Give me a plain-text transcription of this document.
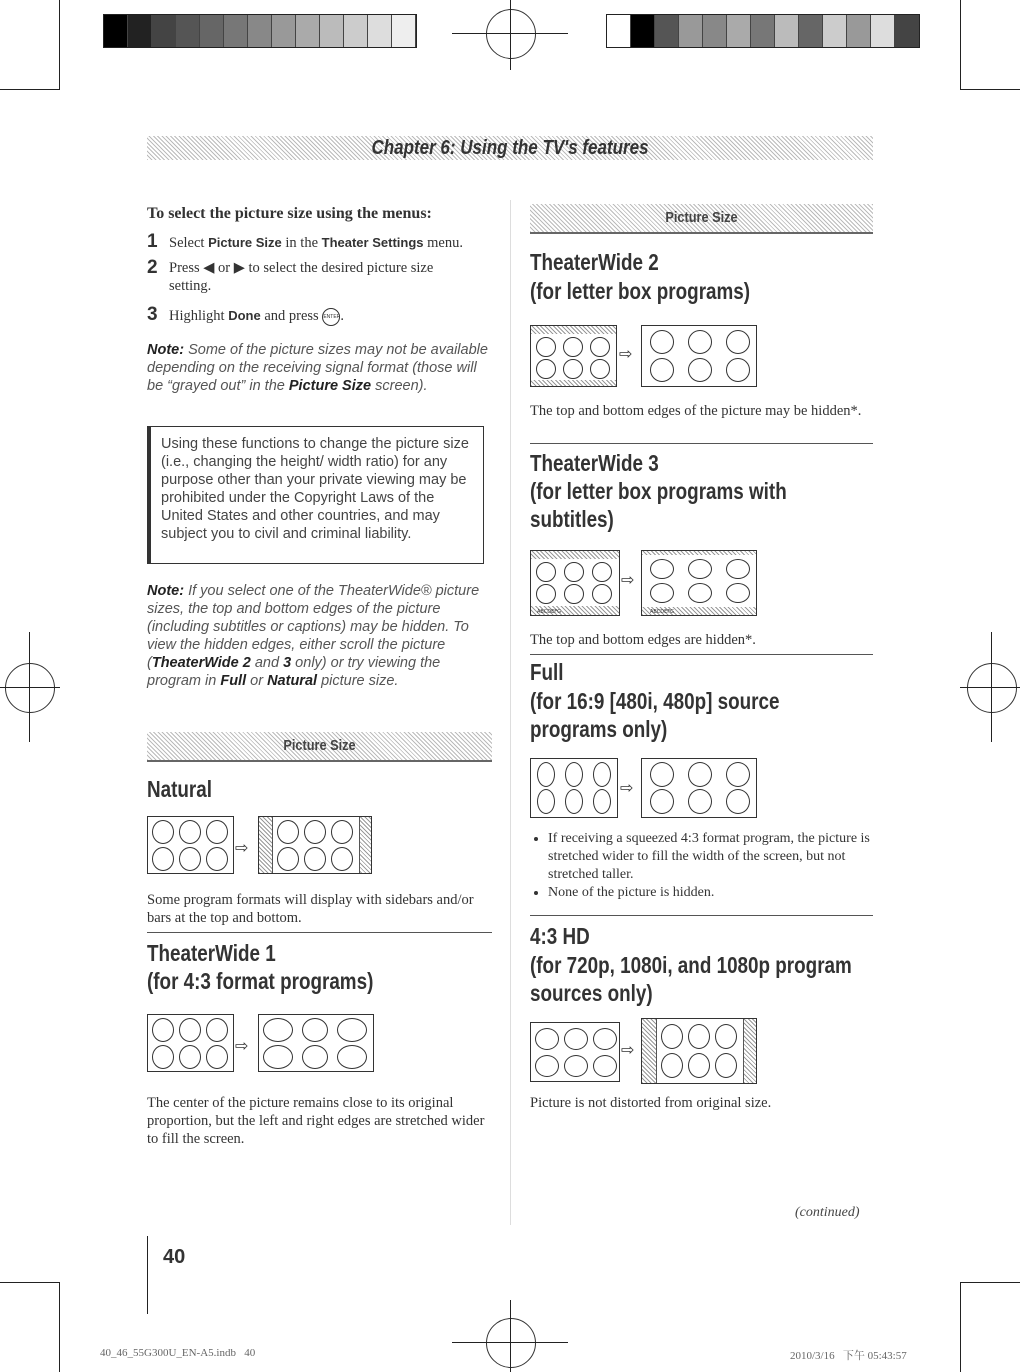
Chapter 6: Using the TV's features
To select the picture size using the menus:
1 Select Picture Size in the Theater Settings menu.
2 Press ◀ or ▶ to select the desired picture size setting.
3 Highlight Done and press ENTER.
Note: Some of the picture sizes may not be available depending on the receiving signal format (those will be “grayed out” in the Picture Size screen).
Using these functions to change the picture size (i.e., changing the height/ width ratio) for any purpose other than your private viewing may be prohibited under the Copyright Laws of the United States and other countries, and may subject you to civil and criminal liability.
Note: If you select one of the TheaterWide® picture sizes, the top and bottom edges of the picture (including subtitles or captions) may be hidden. To view the hidden edges, either scroll the picture (TheaterWide 2 and 3 only) or try viewing the program in Full or Natural picture size.
Picture Size
Natural
⇨
Some program formats will display with sidebars and/or bars at the top and bottom.
TheaterWide 1
(for 4:3 format programs)
⇨
The center of the picture remains close to its original proportion, but the left and right edges are stretched wider to fill the screen.
Picture Size
TheaterWide 2
(for letter box programs)
⇨
The top and bottom edges of the picture may be hidden*.
TheaterWide 3
(for letter box programs with
subtitles)
ABCDEFG
⇨
ABCDEFG
The top and bottom edges are hidden*.
Full
(for 16:9 [480i, 480p] source
programs only)
⇨
• If receiving a squeezed 4:3 format program, the picture is stretched wider to fill the width of the screen, but not stretched taller.
• None of the picture is hidden.
4:3 HD
(for 720p, 1080i, and 1080p program
sources only)
⇨
Picture is not distorted from original size.
(continued)
40
40_46_55G300U_EN-A5.indb   40	2010/3/16   下午 05:43:57
